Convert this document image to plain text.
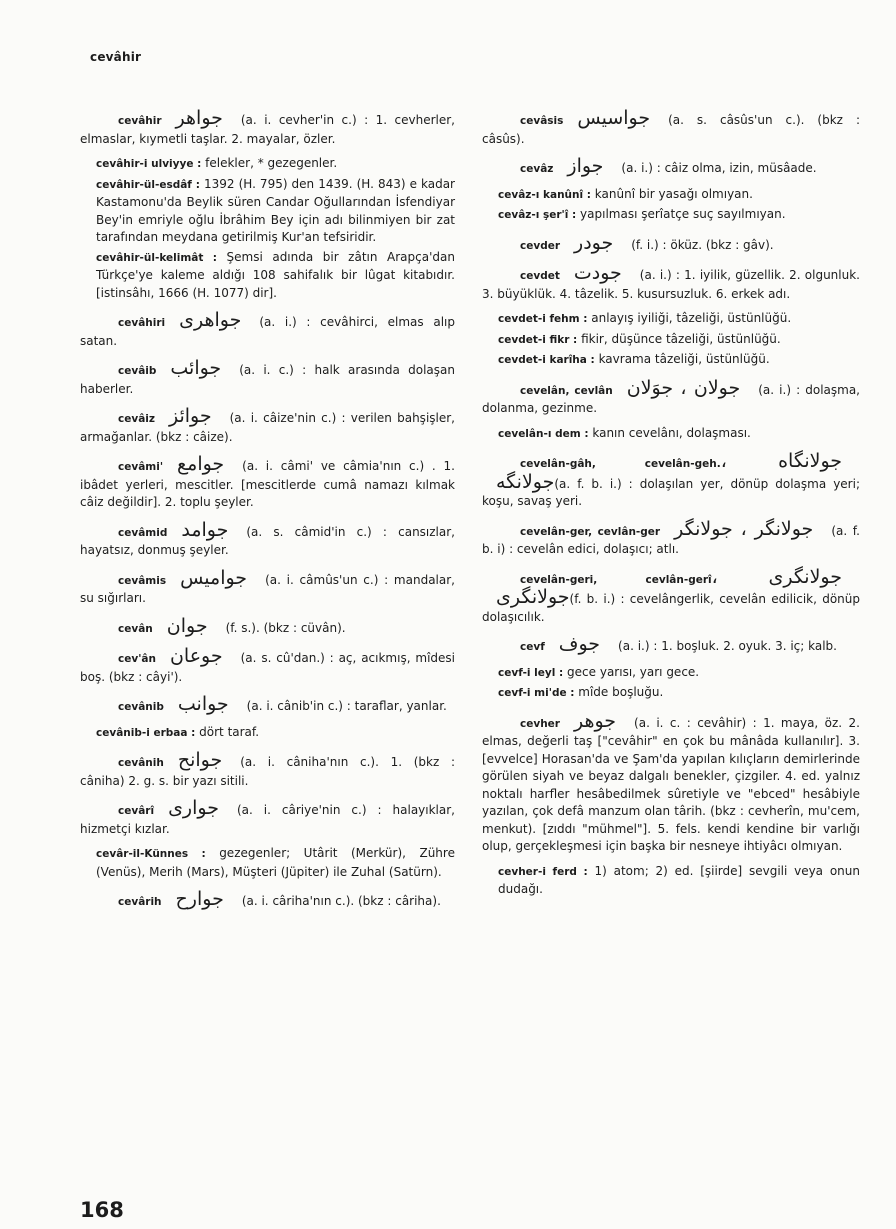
cevâhir

cevâhir جواهر (a. i. cevher'in c.) : 1. cevherler, elmaslar, kıymetli taşlar. 2. mayalar, özler.

cevâhir-i ulviyye : felekler, * gezegenler.

cevâhir-ül-esdâf : 1392 (H. 795) den 1439. (H. 843) e kadar Kastamonu'da Beylik süren Candar Oğullarından İsfendiyar Bey'in emriyle oğlu İbrâhim Bey için adı bilinmiyen bir zat tarafından meydana getirilmiş Kur'an tefsiridir.

cevâhir-ül-kelimât : Şemsi adında bir zâtın Arapça'dan Türkçe'ye kaleme aldığı 108 sahifalık bir lûgat kitabıdır. [istinsâhı, 1666 (H. 1077) dir].

cevâhiri جواهری (a. i.) : cevâhirci, elmas alıp satan.

cevâib جوائب (a. i. c.) : halk arasında dolaşan haberler.

cevâiz جوائز (a. i. câize'nin c.) : verilen bahşişler, armağanlar. (bkz : câize).

cevâmi' جوامع (a. i. câmi' ve câmia'nın c.) . 1. ibâdet yerleri, mescitler. [mescitlerde cumâ namazı kılmak câiz değildir]. 2. toplu şeyler.

cevâmid جوامد (a. s. câmid'in c.) : cansızlar, hayatsız, donmuş şeyler.

cevâmis جواميس (a. i. câmûs'un c.) : mandalar, su sığırları.

cevân جوان (f. s.). (bkz : cüvân).

cev'ân جوعان (a. s. cû'dan.) : aç, acıkmış, mîdesi boş. (bkz : câyi').

cevânib جوانب (a. i. cânib'in c.) : taraflar, yanlar.

cevânib-i erbaa : dört taraf.

cevânih جوانح (a. i. câniha'nın c.). 1. (bkz : câniha) 2. g. s. bir yazı sitili.

cevârî جواری (a. i. câriye'nin c.) : halayıklar, hizmetçi kızlar.

cevâr-il-Künnes : gezegenler; Utârit (Merkür), Zühre (Venüs), Merih (Mars), Müşteri (Jüpiter) ile Zuhal (Satürn).

cevârih جوارح (a. i. câriha'nın c.). (bkz : câriha).

cevâsis جواسيس (a. s. câsûs'un c.). (bkz : câsûs).

cevâz جواز (a. i.) : câiz olma, izin, müsâade.

cevâz-ı kanûnî : kanûnî bir yasağı olmıyan.

cevâz-ı şer'î : yapılması şerîatçe suç sayılmıyan.

cevder جودر (f. i.) : öküz. (bkz : gâv).

cevdet جودت (a. i.) : 1. iyilik, güzellik. 2. olgunluk. 3. büyüklük. 4. tâzelik. 5. kusursuzluk. 6. erkek adı.

cevdet-i fehm : anlayış iyiliği, tâzeliği, üstünlüğü.

cevdet-i fikr : fikir, düşünce tâzeliği, üstünlüğü.

cevdet-i karîha : kavrama tâzeliği, üstünlüğü.

cevelân, cevlân جولان ، جوَلان (a. i.) : dolaşma, dolanma, gezinme.

cevelân-ı dem : kanın cevelânı, dolaşması.

cevelân-gâh, cevelân-geh.جولانگاه ، جولانگه(a. f. b. i.) : dolaşılan yer, dönüp dolaşma yeri; koşu, savaş yeri.

cevelân-ger, cevlân-ger جولانگر ، جولانگر (a. f. b. i) : cevelân edici, dolaşıcı; atlı.

cevelân-geri, cevlân-gerîجولانگری ، جولانگری(f. b. i.) : cevelângerlik, cevelân edilicik, dönüp dolaşıcılık.

cevf جوف (a. i.) : 1. boşluk. 2. oyuk. 3. iç; kalb.

cevf-i leyl : gece yarısı, yarı gece.

cevf-i mi'de : mîde boşluğu.

cevher جوهر (a. i. c. : cevâhir) : 1. maya, öz. 2. elmas, değerli taş ["cevâhir" en çok bu mânâda kullanılır]. 3. [evvelce] Horasan'da ve Şam'da yapılan kılıçların demirlerinde görülen siyah ve beyaz dalgalı benekler, çizgiler. 4. ed. yalnız noktalı harfler hesâbedilmek sûretiyle ve "ebced" hesâbiyle yazılan, çok defâ manzum olan târih. (bkz : cevherîn, mu'cem, menkut). [zıddı "mühmel"]. 5. fels. kendi kendine bir varlığı olup, gerçekleşmesi için başka bir nesneye ihtiyâcı olmıyan.

cevher-i ferd : 1) atom; 2) ed. [şiirde] sevgili veya onun dudağı.

168
